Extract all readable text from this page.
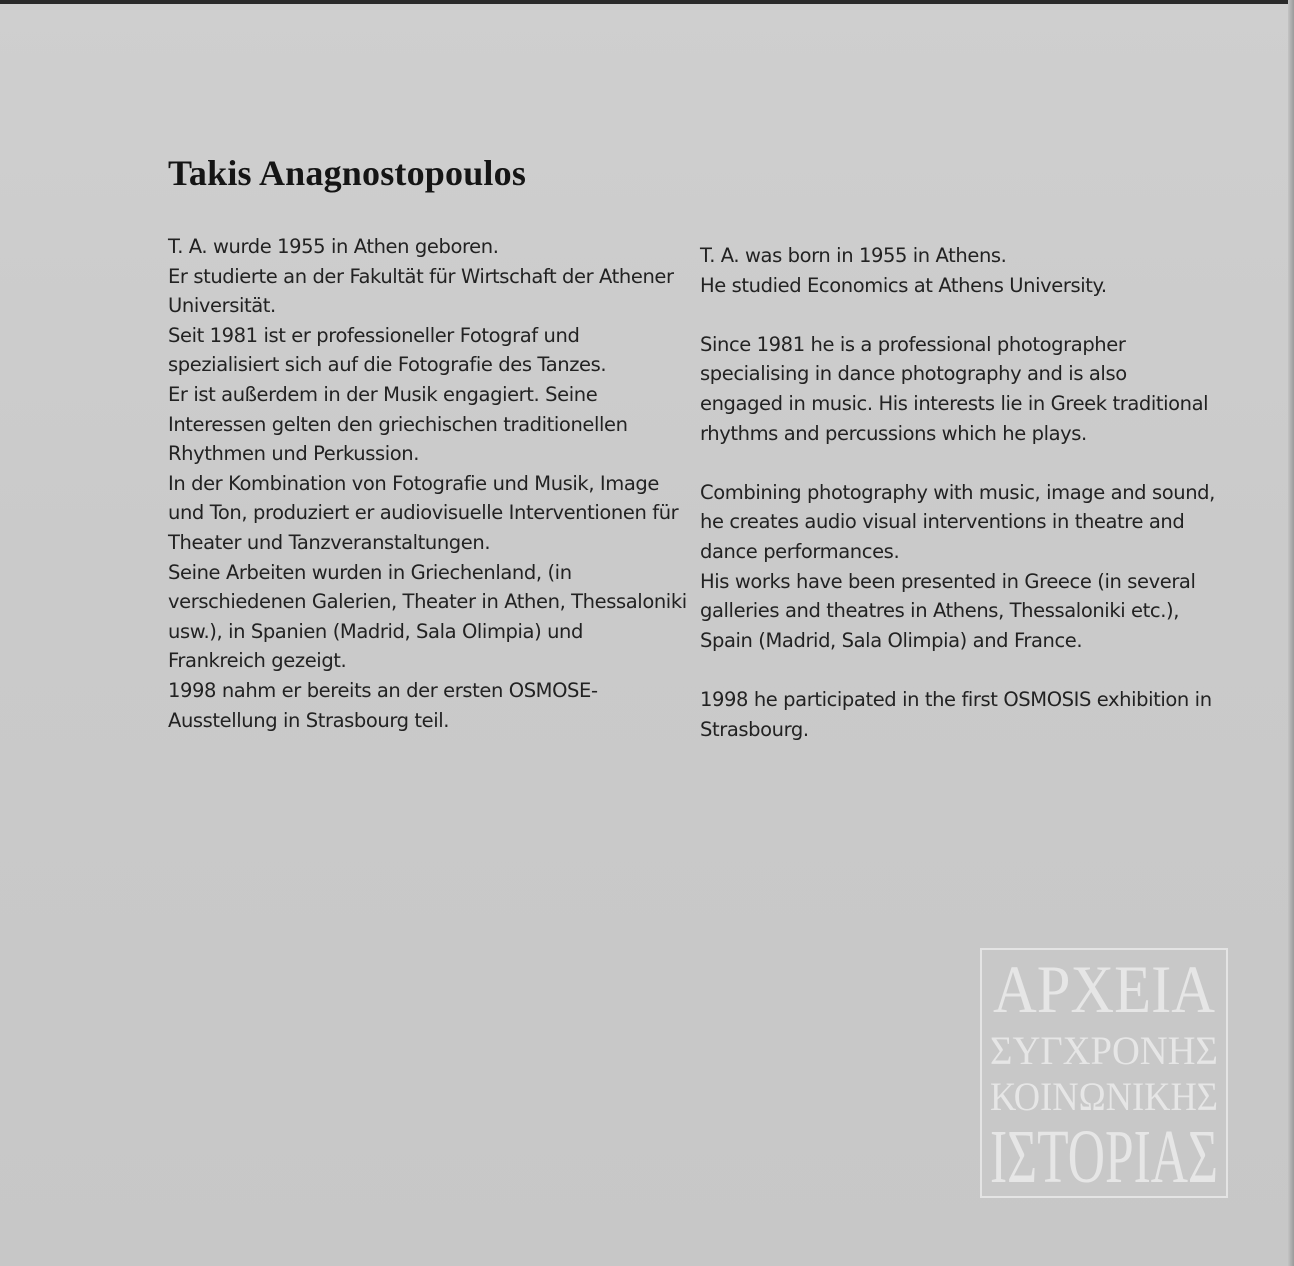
Takis Anagnostopoulos

T. A. wurde 1955 in Athen geboren.

Er studierte an der Fakultät für Wirtschaft der Athener

Universität.

Seit 1981 ist er professioneller Fotograf und

spezialisiert sich auf die Fotografie des Tanzes.

Er ist außerdem in der Musik engagiert. Seine

Interessen gelten den griechischen traditionellen

Rhythmen und Perkussion.

In der Kombination von Fotografie und Musik, Image

und Ton, produziert er audiovisuelle Interventionen für

Theater und Tanzveranstaltungen.

Seine Arbeiten wurden in Griechenland, (in

verschiedenen Galerien, Theater in Athen, Thessaloniki

usw.), in Spanien (Madrid, Sala Olimpia) und

Frankreich gezeigt.

1998 nahm er bereits an der ersten OSMOSE-

Ausstellung in Strasbourg teil.

T. A. was born in 1955 in Athens.

He studied Economics at Athens University.

Since 1981 he is a professional photographer

specialising in dance photography and is also

engaged in music. His interests lie in Greek traditional

rhythms and percussions which he plays.

Combining photography with music, image and sound,

he creates audio visual interventions in theatre and

dance performances.

His works have been presented in Greece (in several

galleries and theatres in Athens, Thessaloniki etc.),

Spain (Madrid, Sala Olimpia) and France.

1998 he participated in the first OSMOSIS exhibition in

Strasbourg.

ΑΡΧΕΙΑ
ΣΥΓΧΡΟΝΗΣ
ΚΟΙΝΩΝΙΚΗΣ
ΙΣΤΟΡΙΑΣ
